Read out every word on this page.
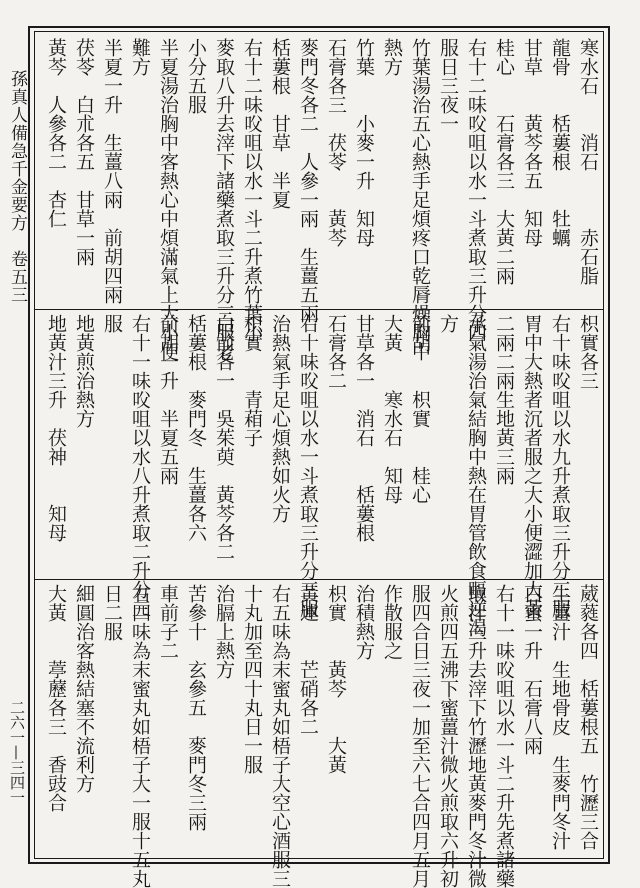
孫真人備急千金要方　卷五三
二六一—三四一
寒水石　　消石　　　赤石脂
龍骨　　栝蔞根　　牡蠣
甘草　　黃芩各五　知母
桂心　　石膏各三　大黃二兩
右十二味㕮咀以水一斗煮取三升分四
服日三夜一
竹葉湯治五心熱手足煩疼口乾脣燥胸中
熱方
竹葉　　小麥一升　知母
石膏各三　茯苓　　黃芩
麥門冬各二　人參一兩　生薑五兩
栝蔞根　甘草　半夏
右十二味㕮咀以水一斗二升煮竹葉小
麥取八升去滓下諸藥煮取三升分三服老
小分五服
半夏湯治胸中客熱心中煩滿氣上大小便
難方
半夏一升　生薑八兩　前胡四兩
茯苓　白朮各五　甘草一兩
黃芩　人參各二　杏仁
枳實各三
右十味㕮咀以水九升煮取三升分三服
胃中大熱者沉者服之大小便澀加大黃
二兩二兩生地黃三兩
承氣湯治氣結胸中熱在胃管飲食嘔逆渴
方
前胡　　枳實　　桂心
大黃　　寒水石　知母
甘草各一　消石　　栝蔞根
石膏各二
右十味㕮咀以水一斗煮取三升分三服
治熱氣手足心煩熱如火方
枳實　　青葙子
白前各一　吳茱萸　黃芩各二
栝蔞根　麥門冬　生薑各六
前胡一升　半夏五兩
右十一味㕮咀以水八升煮取二升分三
服
地黃煎治熱方
地黃汁三升　茯神　　知母
葳蕤各四　栝蔞根五　竹瀝三合
生薑汁　生地骨皮　生麥門冬汁
白蜜一升　石膏八兩
右十一味㕮咀以水一斗二升先煮諸藥
取汁三升去滓下竹瀝地黃麥門冬汁微
火煎四五沸下蜜薑汁微火煎取六升初
服四合日三夜一加至六七合四月五月
作散服之
治積熱方
枳實　　黃芩　　大黃
黃連　　芒硝各二
右五味為末蜜丸如梧子大空心酒服三
十丸加至四十丸日一服
治膈上熱方
苦參十　玄參五　麥門冬三兩
車前子二
右四味為末蜜丸如梧子大一服十五丸
日二服
細圓治客熱結塞不流利方
大黃　　葶藶各三　香豉合
